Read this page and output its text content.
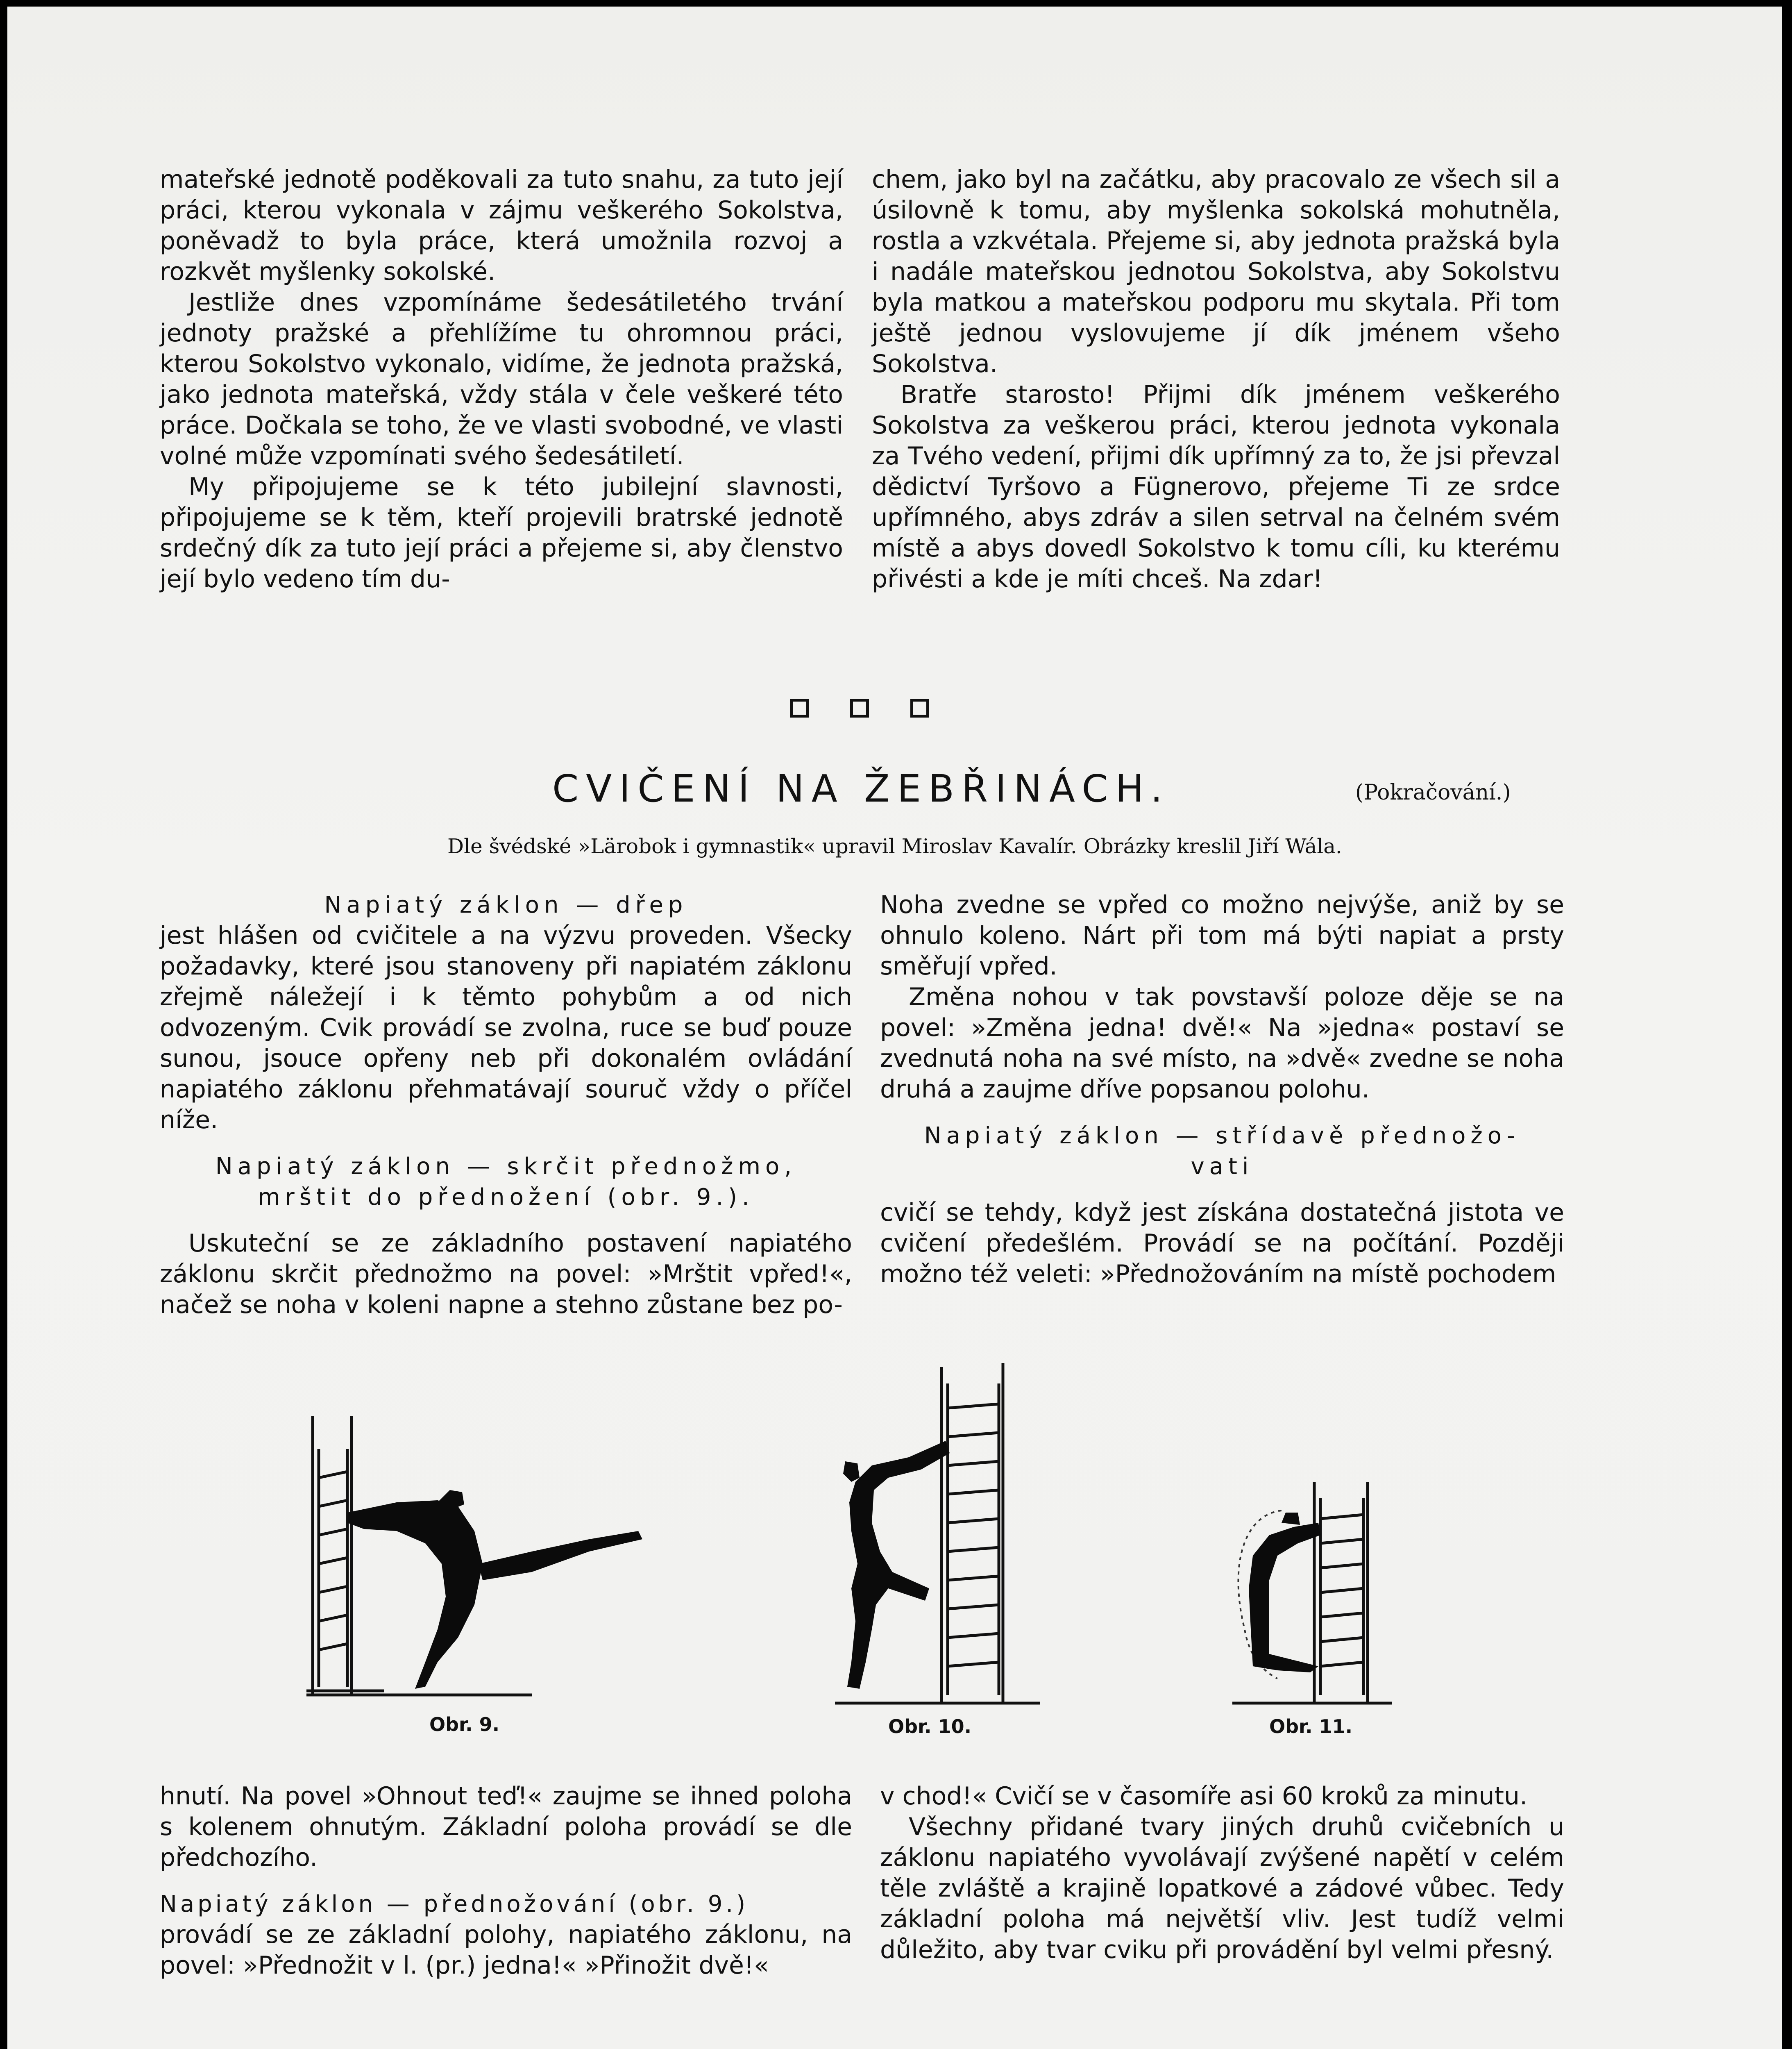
mateřské jednotě poděkovali za tuto snahu, za tuto její práci, kterou vykonala v zájmu veškerého Sokolstva, poněvadž to byla práce, která umožnila rozvoj a rozkvět myšlenky sokolské.

Jestliže dnes vzpomínáme šedesátiletého trvání jednoty pražské a přehlížíme tu ohromnou práci, kterou Sokolstvo vykonalo, vidíme, že jednota pražská, jako jednota mateřská, vždy stála v čele veškeré této práce. Dočkala se toho, že ve vlasti svobodné, ve vlasti volné může vzpomínati svého šedesátiletí.

My připojujeme se k této jubilejní slavnosti, připojujeme se k těm, kteří projevili bratrské jednotě srdečný dík za tuto její práci a přejeme si, aby členstvo její bylo vedeno tím du-

chem, jako byl na začátku, aby pracovalo ze všech sil a úsilovně k tomu, aby myšlenka sokolská mohutněla, rostla a vzkvétala. Přejeme si, aby jednota pražská byla i nadále mateřskou jednotou Sokolstva, aby Sokolstvu byla matkou a mateřskou podporu mu skytala. Při tom ještě jednou vyslovujeme jí dík jménem všeho Sokolstva.

Bratře starosto! Přijmi dík jménem veškerého Sokolstva za veškerou práci, kterou jednota vykonala za Tvého vedení, přijmi dík upřímný za to, že jsi převzal dědictví Tyršovo a Fügnerovo, přejeme Ti ze srdce upřímného, abys zdráv a silen setrval na čelném svém místě a abys dovedl Sokolstvo k tomu cíli, ku kterému přivésti a kde je míti chceš. Na zdar!

CVIČENÍ NA ŽEBŘINÁCH.	(Pokračování.)
Dle švédské »Lärobok i gymnastik« upravil Miroslav Kavalír. Obrázky kreslil Jiří Wála.

Napiatý záklon — dřep

jest hlášen od cvičitele a na výzvu proveden. Všecky požadavky, které jsou stanoveny při napiatém záklonu zřejmě náležejí i k těmto pohybům a od nich odvozeným. Cvik provádí se zvolna, ruce se buď pouze sunou, jsouce opřeny neb při dokonalém ovládání napiatého záklonu přehmatávají souruč vždy o příčel níže.

Napiatý záklon — skrčit přednožmo,

mrštit do přednožení (obr. 9.).

Uskuteční se ze základního postavení napiatého záklonu skrčit přednožmo na povel: »Mrštit vpřed!«, načež se noha v koleni napne a stehno zůstane bez po-

Noha zvedne se vpřed co možno nejvýše, aniž by se ohnulo koleno. Nárt při tom má býti napiat a prsty směřují vpřed.

Změna nohou v tak povstavší poloze děje se na povel: »Změna jedna! dvě!« Na »jedna« postaví se zvednutá noha na své místo, na »dvě« zvedne se noha druhá a zaujme dříve popsanou polohu.

Napiatý záklon — střídavě přednožo-

vati

cvičí se tehdy, když jest získána dostatečná jistota ve cvičení předešlém. Provádí se na počítání. Později možno též veleti: »Přednožováním na místě pochodem

Obr. 9.	Obr. 10.	Obr. 11.

hnutí. Na povel »Ohnout teď!« zaujme se ihned poloha s kolenem ohnutým. Základní poloha provádí se dle předchozího.

Napiatý záklon — přednožování (obr. 9.)

provádí se ze základní polohy, napiatého záklonu, na povel: »Přednožit v l. (pr.) jedna!« »Přinožit dvě!«

v chod!« Cvičí se v časomíře asi 60 kroků za minutu.

Všechny přidané tvary jiných druhů cvičebních u záklonu napiatého vyvolávají zvýšené napětí v celém těle zvláště a krajině lopatkové a zádové vůbec. Tedy základní poloha má největší vliv. Jest tudíž velmi důležito, aby tvar cviku při provádění byl velmi přesný.
